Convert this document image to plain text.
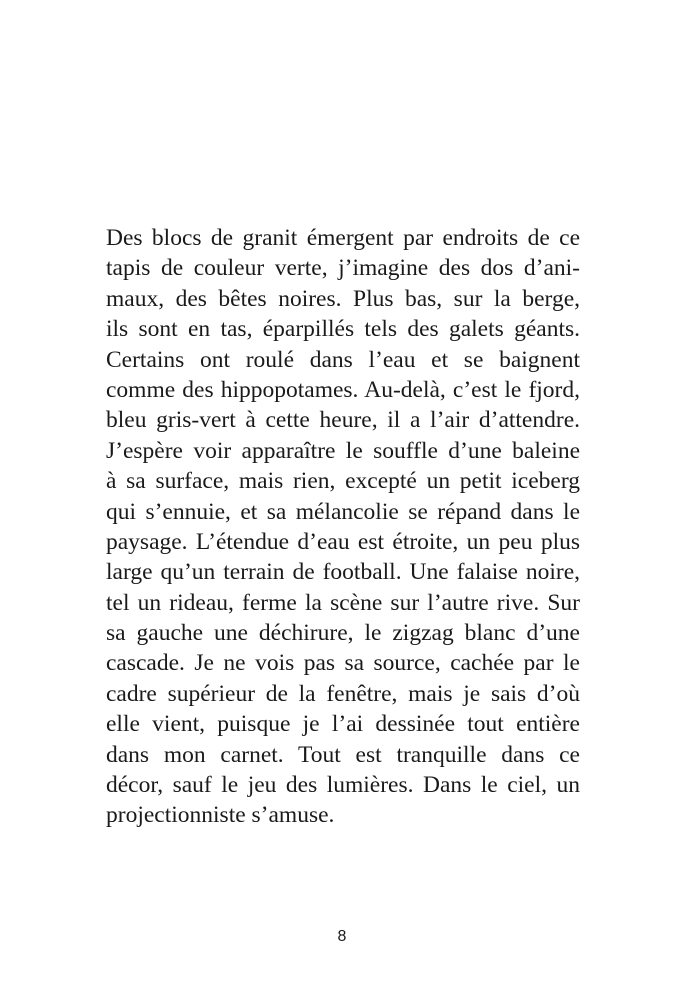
Des blocs de granit émergent par endroits de ce
tapis de couleur verte, j’imagine des dos d’ani-
maux, des bêtes noires. Plus bas, sur la berge,
ils sont en tas, éparpillés tels des galets géants.
Certains ont roulé dans l’eau et se baignent
comme des hippopotames. Au-delà, c’est le fjord,
bleu gris-vert à cette heure, il a l’air d’attendre.
J’espère voir apparaître le souffle d’une baleine
à sa surface, mais rien, excepté un petit iceberg
qui s’ennuie, et sa mélancolie se répand dans le
paysage. L’étendue d’eau est étroite, un peu plus
large qu’un terrain de football. Une falaise noire,
tel un rideau, ferme la scène sur l’autre rive. Sur
sa gauche une déchirure, le zigzag blanc d’une
cascade. Je ne vois pas sa source, cachée par le
cadre supérieur de la fenêtre, mais je sais d’où
elle vient, puisque je l’ai dessinée tout entière
dans mon carnet. Tout est tranquille dans ce
décor, sauf le jeu des lumières. Dans le ciel, un
projectionniste s’amuse.
8
